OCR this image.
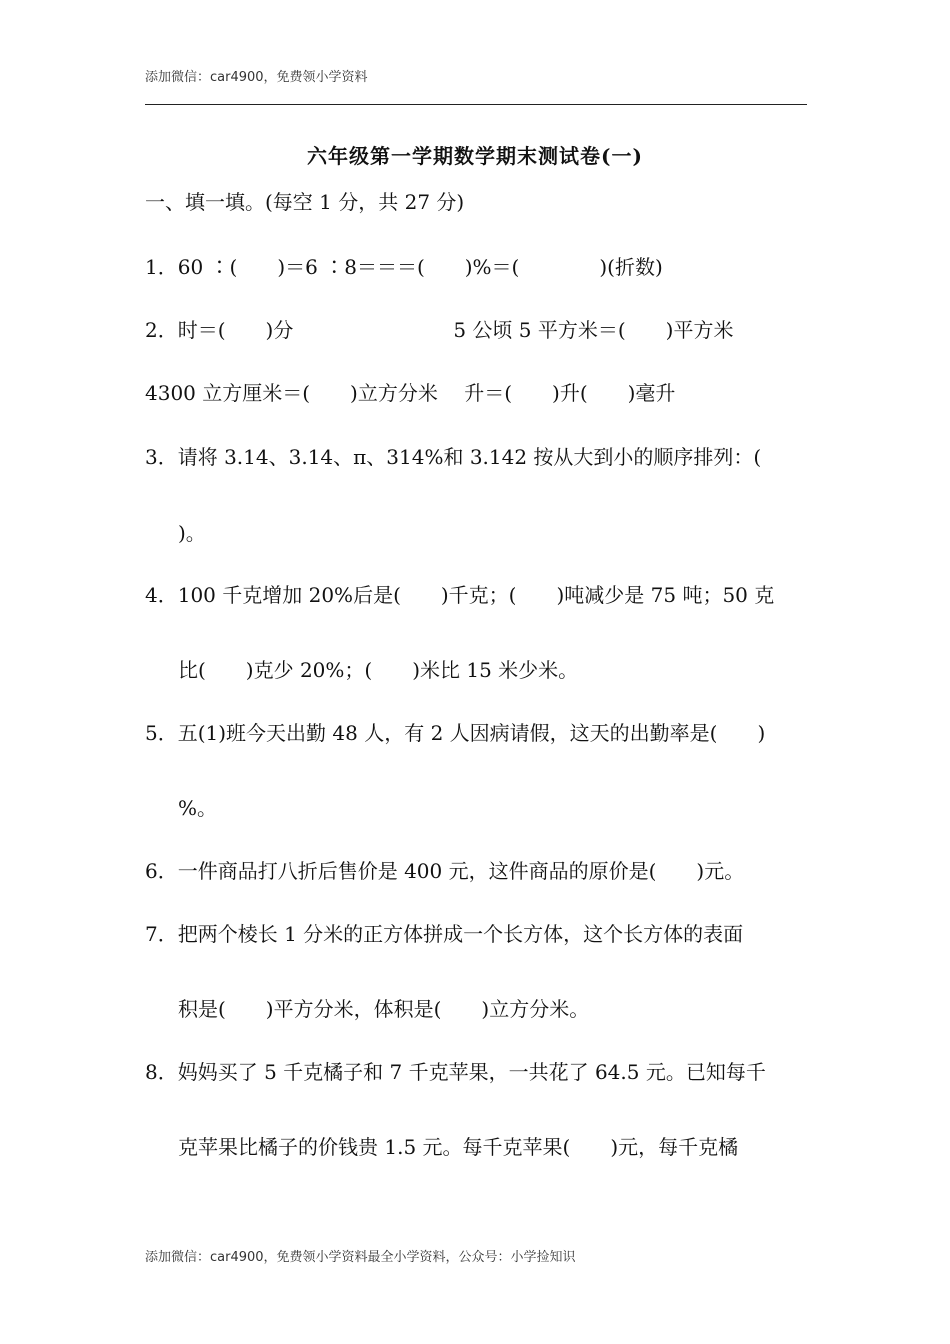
添加微信：car4900，免费领小学资料
六年级第一学期数学期末测试卷(一)
一、填一填。(每空 1 分，共 27 分)
1．60 ∶(　　)＝6 ∶8＝＝＝(　　)%＝(　　　　)(折数)
2．时＝(　　)分　　　　　　　　5 公顷 5 平方米＝(　　)平方米
4300 立方厘米＝(　　)立方分米　 升＝(　　)升(　　)毫升
3．请将 3.14、3.14、π、314%和 3.142 按从大到小的顺序排列：(
)。
4．100 千克增加 20%后是(　　)千克；(　　)吨减少是 75 吨；50 克
比(　　)克少 20%；(　　)米比 15 米少米。
5．五(1)班今天出勤 48 人，有 2 人因病请假，这天的出勤率是(　　)
%。
6．一件商品打八折后售价是 400 元，这件商品的原价是(　　)元。
7．把两个棱长 1 分米的正方体拼成一个长方体，这个长方体的表面
积是(　　)平方分米，体积是(　　)立方分米。
8．妈妈买了 5 千克橘子和 7 千克苹果，一共花了 64.5 元。已知每千
克苹果比橘子的价钱贵 1.5 元。每千克苹果(　　)元，每千克橘
添加微信：car4900，免费领小学资料最全小学资料，公众号：小学捡知识
